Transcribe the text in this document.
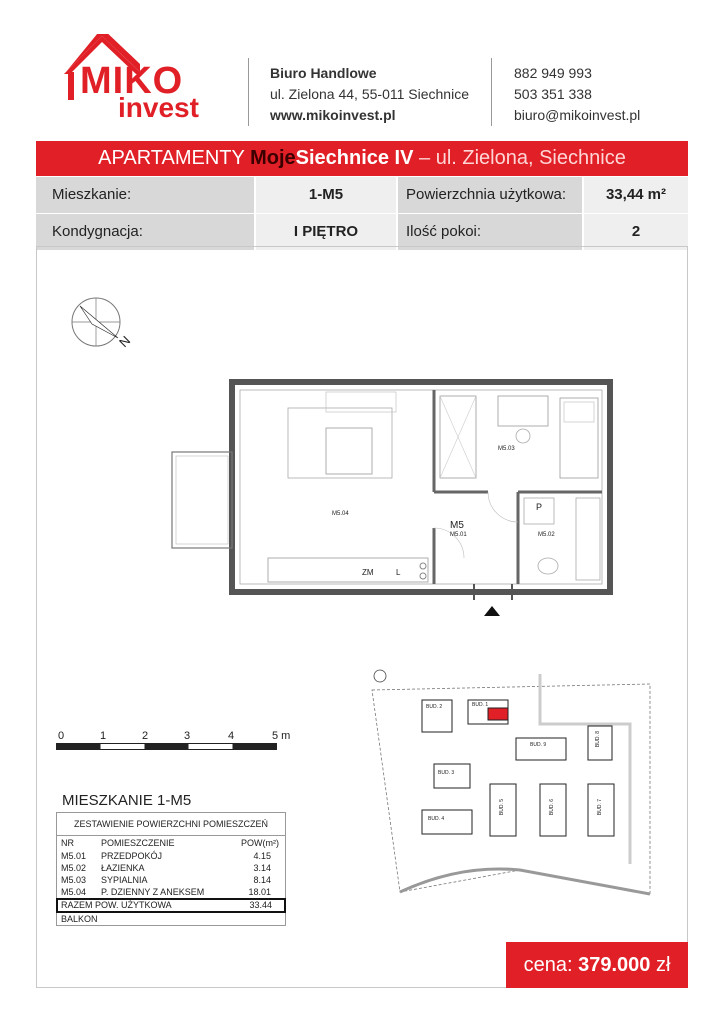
MIKO
invest
Biuro Handlowe
ul. Zielona 44, 55-011 Siechnice
www.mikoinvest.pl
882 949 993
503 351 338
biuro@mikoinvest.pl
APARTAMENTY MojeSiechnice IV – ul. Zielona, Siechnice
Mieszkanie:	1-M5	Powierzchnia użytkowa:	33,44 m²
Kondygnacja:	I PIĘTRO	Ilość pokoi:	2
N
M5.03
M5.04
M5
M5.01	M5.02
ZM	L
P
0	1	2	3	4	5 m
BUD. 1
BUD. 2
BUD. 3
BUD. 4
BUD. 5	BUD. 6	BUD. 7
BUD. 8
BUD. 9
MIESZKANIE 1-M5
ZESTAWIENIE POWIERZCHNI POMIESZCZEŃ
NR	POMIESZCZENIE	POW(m²)
M5.01 PRZEDPOKÓJ	4.15
M5.02 ŁAZIENKA	3.14
M5.03 SYPIALNIA	8.14
M5.04 P. DZIENNY Z ANEKSEM	18.01
RAZEM POW. UŻYTKOWA	33.44
BALKON
cena: 379.000 zł
